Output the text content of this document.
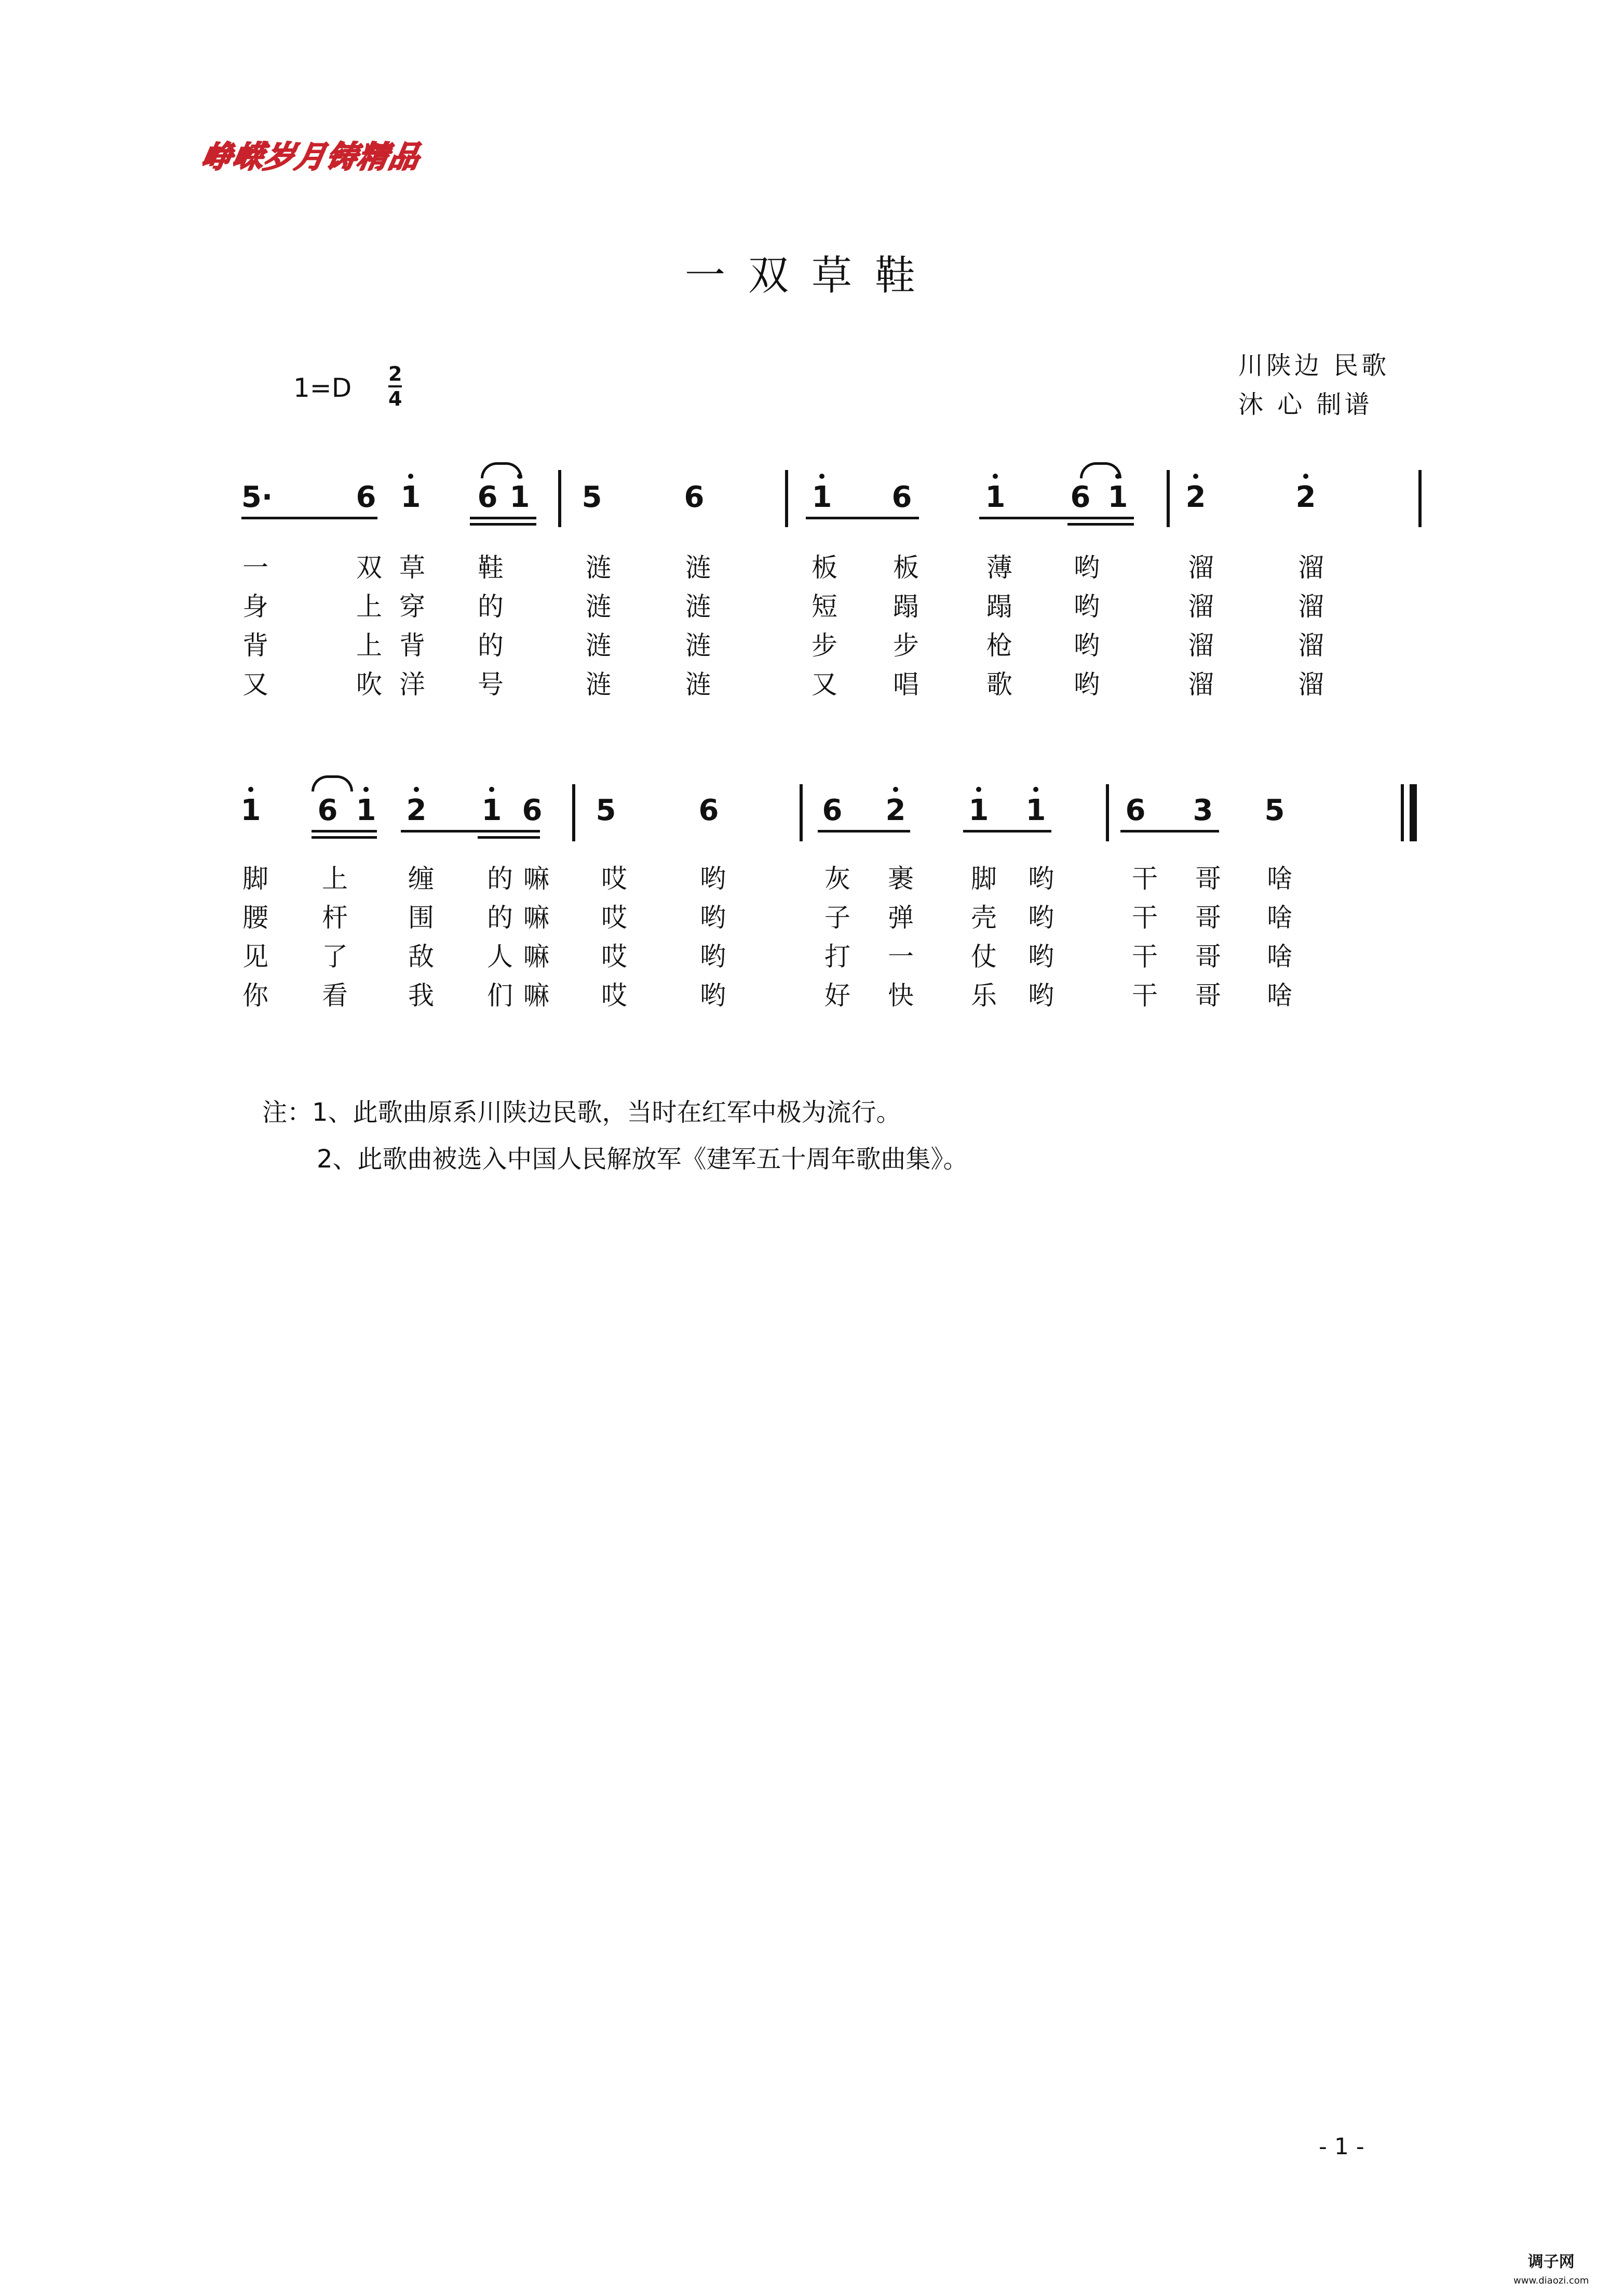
峥嵘岁月铸精品
一双草鞋
1=D 2
4
川陕边 民歌
沐 心 制谱
5·	6 1 6 1 5	6	1 6	1 6 1 2	2
一	双 草 鞋	涟	涟	板 板	薄 哟	溜	溜
身	上 穿 的	涟	涟	短 蹋	蹋 哟	溜	溜
背	上 背 的	涟	涟	步 步	枪 哟	溜	溜
又	吹 洋 号	涟	涟	又 唱	歌 哟	溜	溜
1 6 1 2 1 6 5	6	6 2 1 1	6 3 5
脚 上 缠 的 嘛 哎	哟	灰 裹 脚 哟	干 哥 啥
腰 杆 围 的 嘛 哎	哟	子 弹 壳 哟	干 哥 啥
见 了 敌 人 嘛 哎	哟	打 一 仗 哟	干 哥 啥
你 看 我 们 嘛 哎	哟	好 快 乐 哟	干 哥 啥
注：1、此歌曲原系川陕边民歌，当时在红军中极为流行。
2、此歌曲被选入中国人民解放军《建军五十周年歌曲集》。
- 1 -
调子网
www.diaozi.com
